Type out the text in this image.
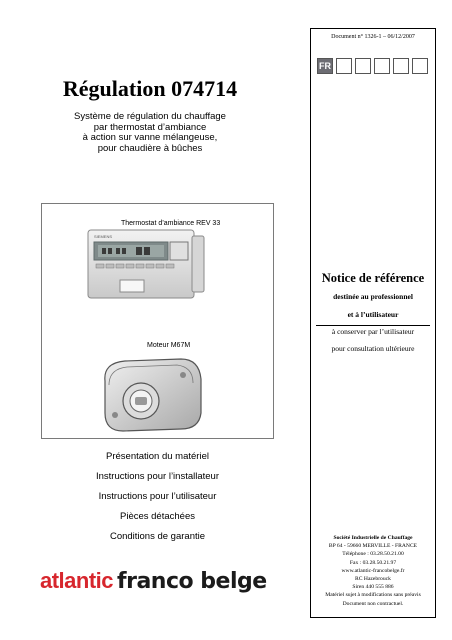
Document n° 1326-1 – 06/12/2007
FR
Notice de référence
destinée au professionnel
et à l’utilisateur
à conserver par l’utilisateur
pour consultation ultérieure
Société Industrielle de Chauffage
BP 64 - 59660 MERVILLE - FRANCE
Téléphone : 03.28.50.21.00
Fax : 03.28.50.21.97
www.atlantic-francobelge.fr
RC Hazebrouck
Siren 440 555 886
Matériel sujet à modifications sans préavis
Document non contractuel.
Régulation 074714
Système de régulation du chauffage
par thermostat d’ambiance
à action sur vanne mélangeuse,
pour chaudière à bûches
Thermostat d’ambiance REV 33
SIEMENS
Moteur M67M
Présentation du matériel
Instructions pour l’installateur
Instructions pour l’utilisateur
Pièces détachées
Conditions de garantie
atlantic franco belge
